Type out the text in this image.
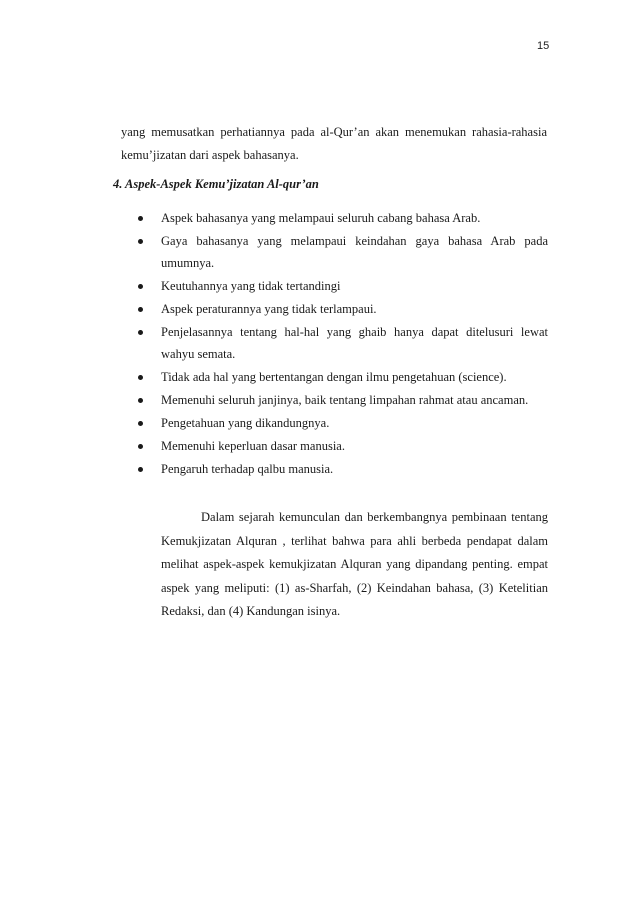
15
yang memusatkan perhatiannya pada al-Qur’an akan menemukan rahasia-rahasia
kemu’jizatan dari aspek bahasanya.
4. Aspek-Aspek Kemu’jizatan Al-qur’an
Aspek bahasanya yang melampaui seluruh cabang bahasa Arab.
Gaya bahasanya yang melampaui keindahan gaya bahasa Arab pada umumnya.
Keutuhannya yang tidak tertandingi
Aspek peraturannya yang tidak terlampaui.
Penjelasannya tentang hal-hal yang ghaib hanya dapat ditelusuri lewat wahyu semata.
Tidak ada hal yang bertentangan dengan ilmu pengetahuan (science).
Memenuhi seluruh janjinya, baik tentang limpahan rahmat atau ancaman.
Pengetahuan yang dikandungnya.
Memenuhi keperluan dasar manusia.
Pengaruh terhadap qalbu manusia.
Dalam sejarah kemunculan dan berkembangnya pembinaan tentang Kemukjizatan Alquran , terlihat bahwa para ahli berbeda pendapat dalam melihat aspek-aspek kemukjizatan Alquran yang dipandang penting. empat aspek yang meliputi: (1) as-Sharfah, (2) Keindahan bahasa, (3) Ketelitian Redaksi, dan (4) Kandungan isinya.
